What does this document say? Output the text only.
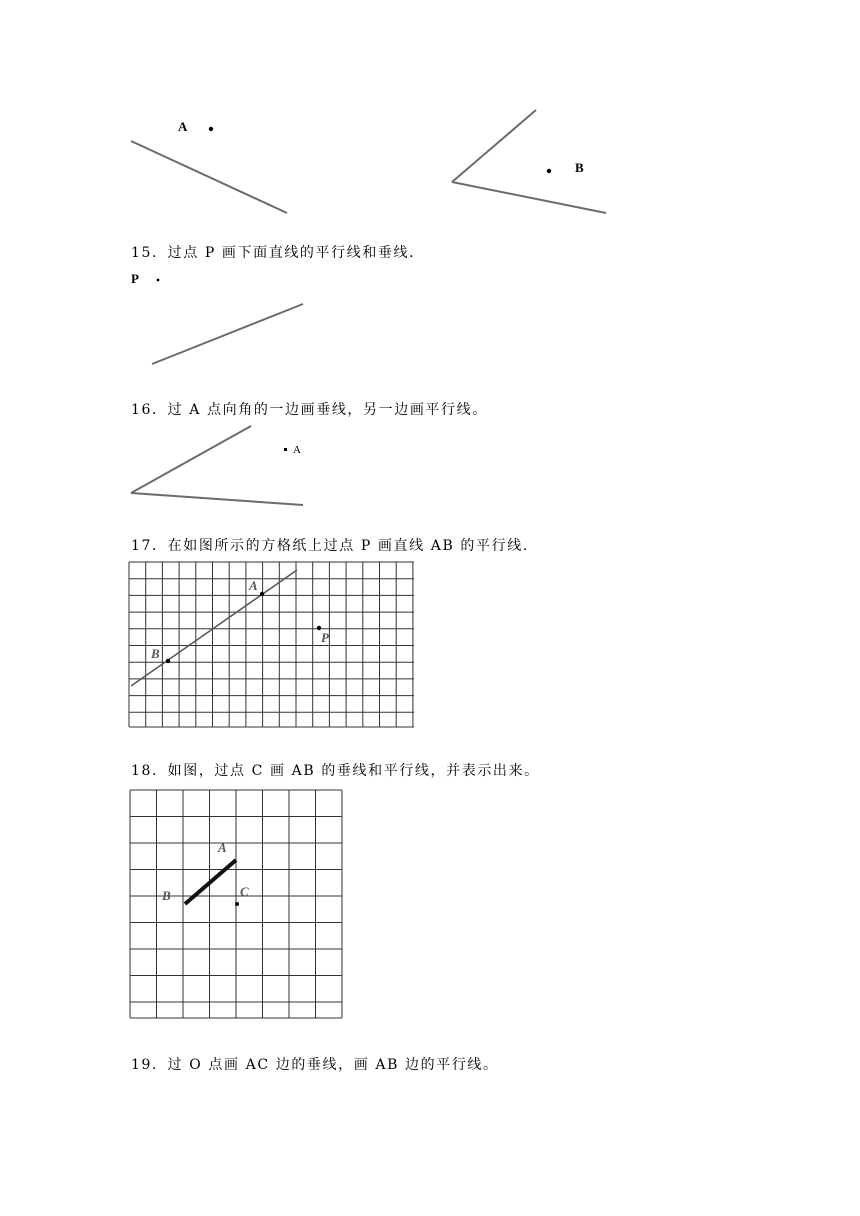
A
B
15．过点 P 画下面直线的平行线和垂线．
P
16．过 A 点向角的一边画垂线，另一边画平行线。
A
17．在如图所示的方格纸上过点 P 画直线 AB 的平行线．
A
B
P
18．如图，过点 C 画 AB 的垂线和平行线，并表示出来。
A
B	C
19．过 O 点画 AC 边的垂线，画 AB 边的平行线。
